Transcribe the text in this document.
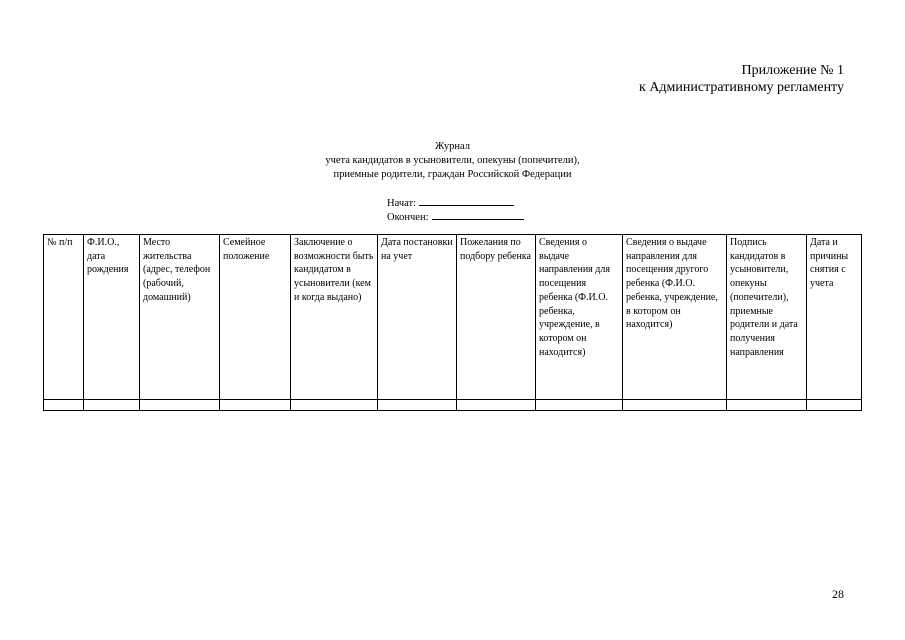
Приложение № 1
к Административному регламенту
Журнал
учета кандидатов в усыновители, опекуны (попечители),
приемные родители, граждан Российской Федерации
Начат:
Окончен:
№ п/п	Ф.И.О., дата рождения	Место жительства (адрес, телефон (рабочий, домашний)	Семейное положение	Заключение о возможности быть кандидатом в усыновители (кем и когда выдано)	Дата постановки на учет	Пожелания по подбору ребенка	Сведения о выдаче направления для посещения ребенка (Ф.И.О. ребенка, учреждение, в котором он находится)	Сведения о выдаче направления для посещения другого ребенка (Ф.И.О. ребенка, учреждение, в котором он находится)	Подпись кандидатов в усыновители, опекуны (попечители), приемные родители и дата получения направления	Дата и причины снятия с учета

28
